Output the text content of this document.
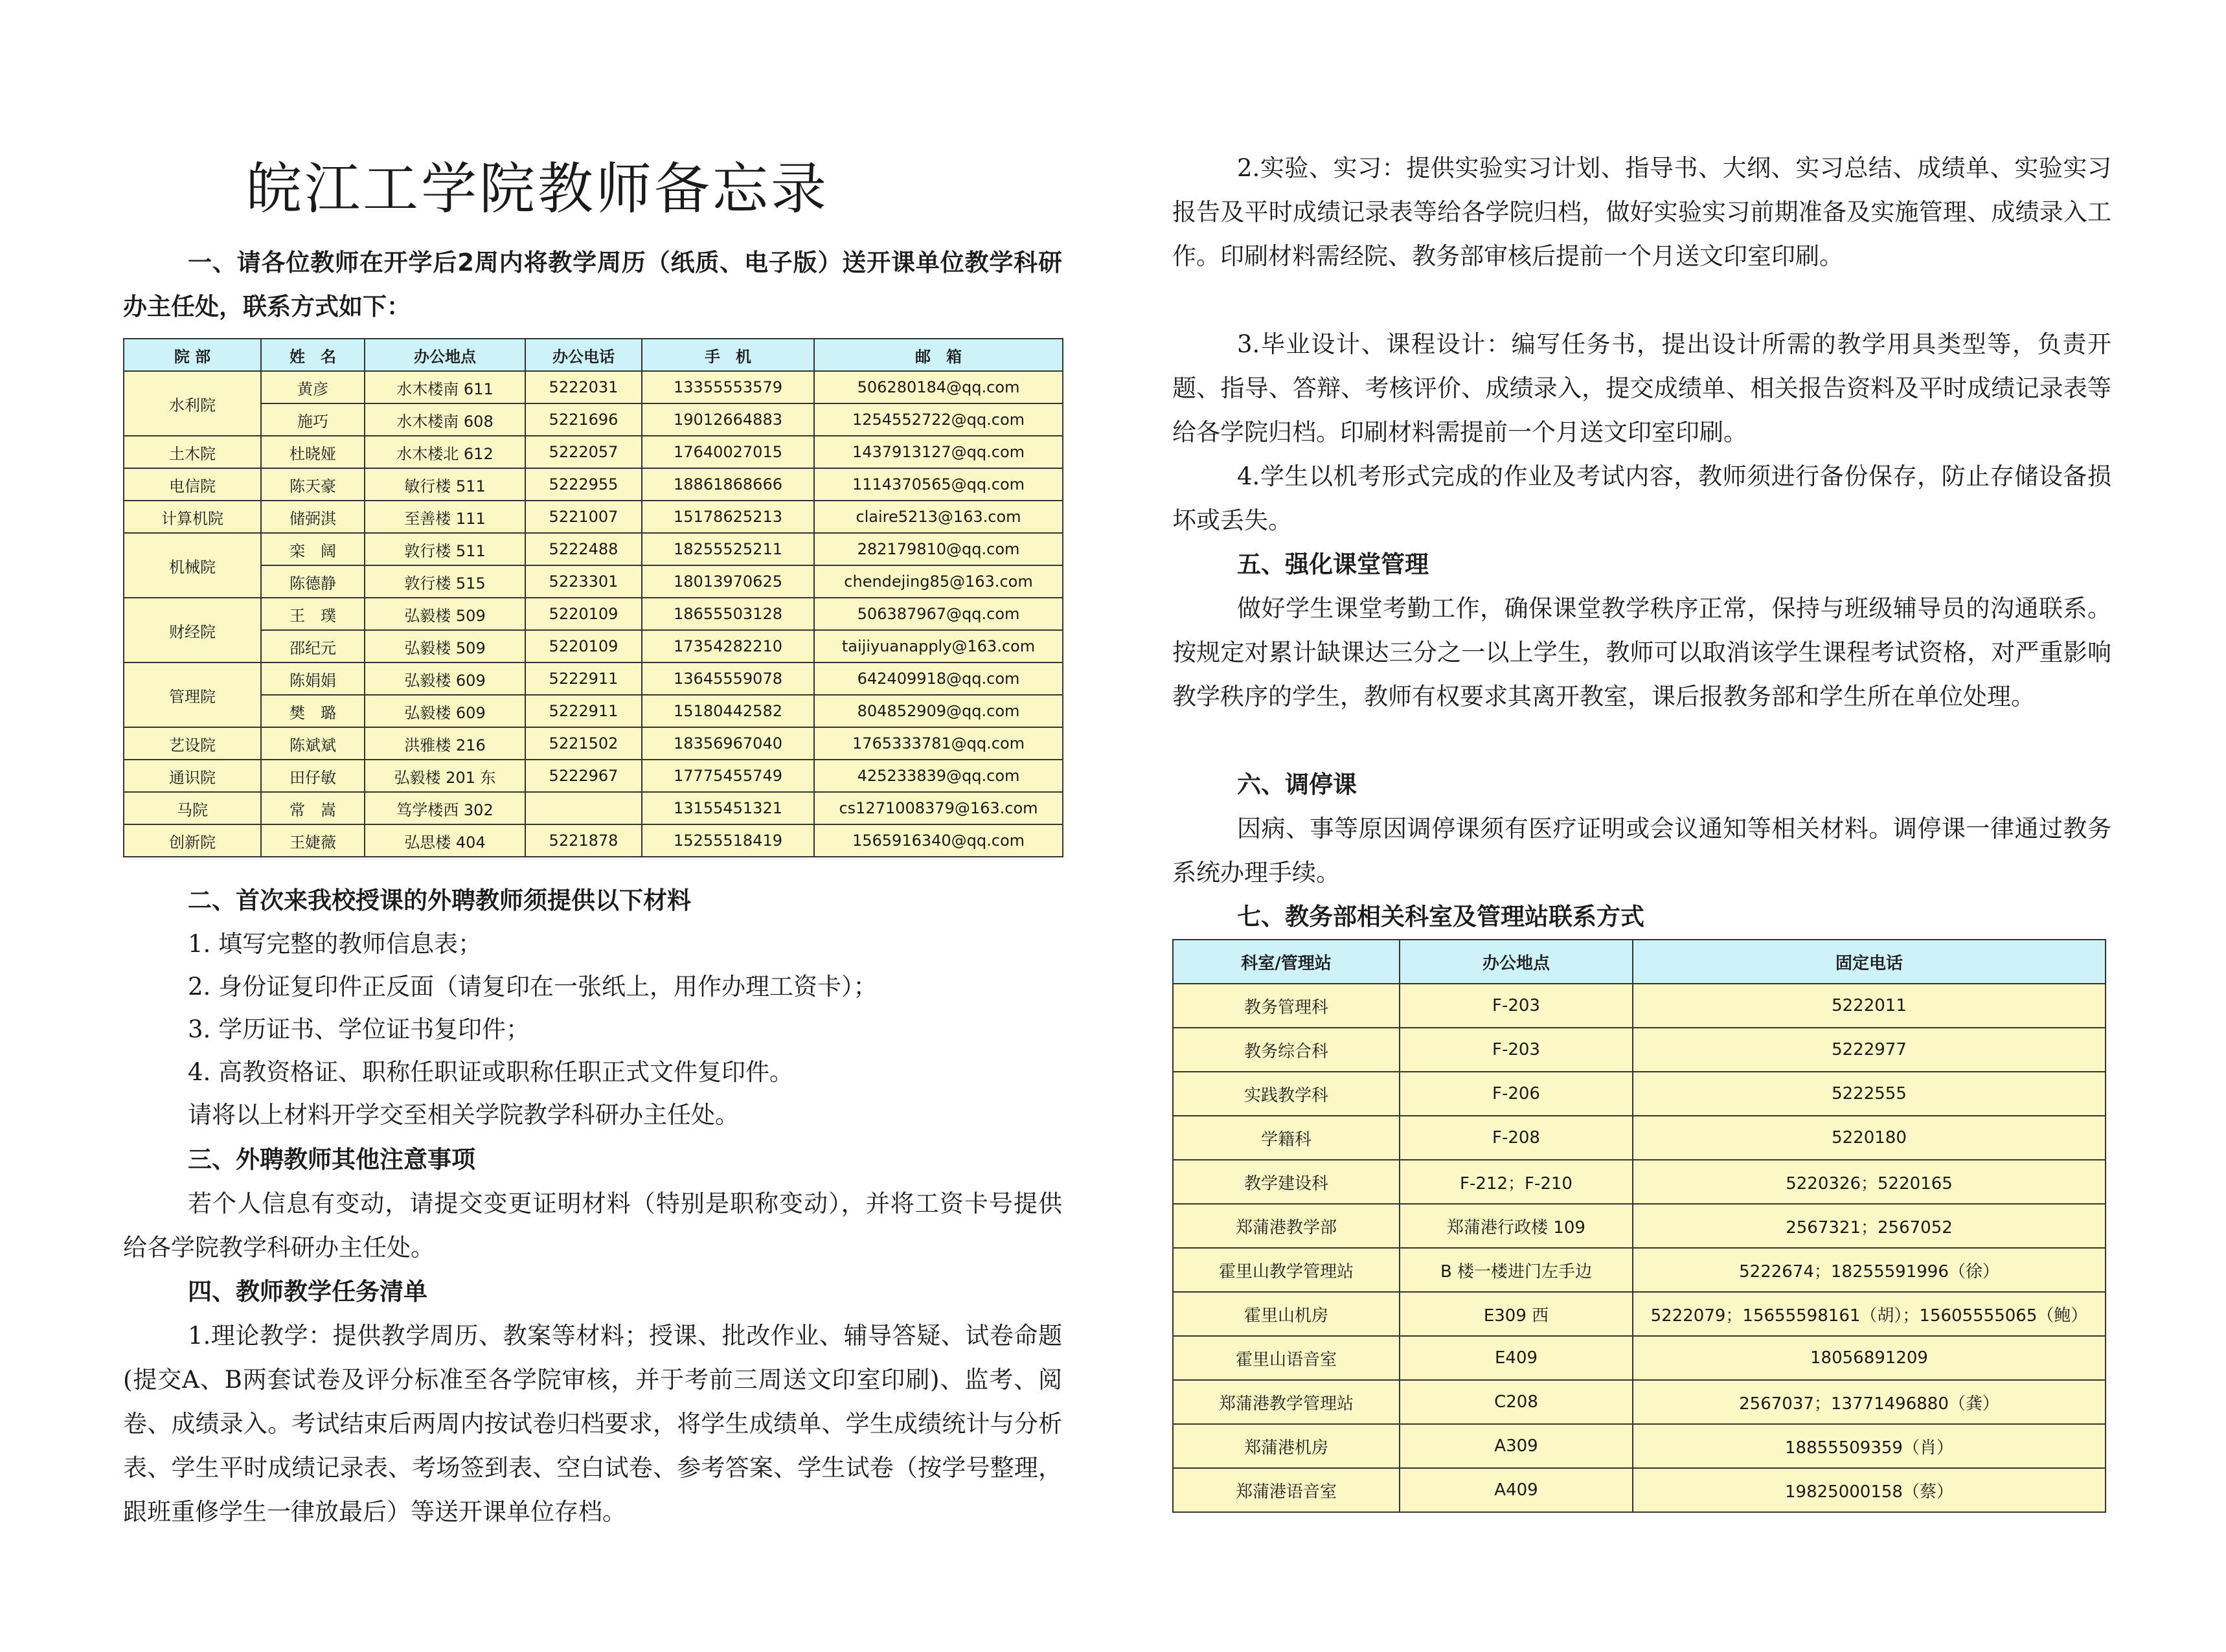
皖江工学院教师备忘录

一、请各位教师在开学后2周内将教学周历（纸质、电子版）送开课单位教学科研办主任处，联系方式如下：

院 部	姓　名	办公地点	办公电话	手　机	邮　箱
水利院	黄彦	水木楼南 611	5222031	13355553579	506280184@qq.com
	施巧	水木楼南 608	5221696	19012664883	1254552722@qq.com
土木院	杜晓娅	水木楼北 612	5222057	17640027015	1437913127@qq.com
电信院	陈天豪	敏行楼 511	5222955	18861868666	1114370565@qq.com
计算机院	储弼淇	至善楼 111	5221007	15178625213	claire5213@163.com
机械院	栾　阔	敦行楼 511	5222488	18255525211	282179810@qq.com
	陈德静	敦行楼 515	5223301	18013970625	chendejing85@163.com
财经院	王　璞	弘毅楼 509	5220109	18655503128	506387967@qq.com
	邵纪元	弘毅楼 509	5220109	17354282210	taijiyuanapply@163.com
管理院	陈娟娟	弘毅楼 609	5222911	13645559078	642409918@qq.com
	樊　璐	弘毅楼 609	5222911	15180442582	804852909@qq.com
艺设院	陈斌斌	洪雅楼 216	5221502	18356967040	1765333781@qq.com
通识院	田仔敏	弘毅楼 201 东	5222967	17775455749	425233839@qq.com
马院	常　嵩	笃学楼西 302		13155451321	cs1271008379@163.com
创新院	王婕薇	弘思楼 404	5221878	15255518419	1565916340@qq.com

二、首次来我校授课的外聘教师须提供以下材料

1. 填写完整的教师信息表；

2. 身份证复印件正反面（请复印在一张纸上，用作办理工资卡）；

3. 学历证书、学位证书复印件；

4. 高教资格证、职称任职证或职称任职正式文件复印件。

请将以上材料开学交至相关学院教学科研办主任处。

三、外聘教师其他注意事项

若个人信息有变动，请提交变更证明材料（特别是职称变动），并将工资卡号提供给各学院教学科研办主任处。

四、教师教学任务清单

1.理论教学：提供教学周历、教案等材料；授课、批改作业、辅导答疑、试卷命题(提交A、B两套试卷及评分标准至各学院审核，并于考前三周送文印室印刷)、监考、阅卷、成绩录入。考试结束后两周内按试卷归档要求，将学生成绩单、学生成绩统计与分析表、学生平时成绩记录表、考场签到表、空白试卷、参考答案、学生试卷（按学号整理，跟班重修学生一律放最后）等送开课单位存档。

2.实验、实习：提供实验实习计划、指导书、大纲、实习总结、成绩单、实验实习报告及平时成绩记录表等给各学院归档，做好实验实习前期准备及实施管理、成绩录入工作。印刷材料需经院、教务部审核后提前一个月送文印室印刷。

3.毕业设计、课程设计：编写任务书，提出设计所需的教学用具类型等，负责开题、指导、答辩、考核评价、成绩录入，提交成绩单、相关报告资料及平时成绩记录表等给各学院归档。印刷材料需提前一个月送文印室印刷。

4.学生以机考形式完成的作业及考试内容，教师须进行备份保存，防止存储设备损坏或丢失。

五、强化课堂管理

做好学生课堂考勤工作，确保课堂教学秩序正常，保持与班级辅导员的沟通联系。按规定对累计缺课达三分之一以上学生，教师可以取消该学生课程考试资格，对严重影响教学秩序的学生，教师有权要求其离开教室，课后报教务部和学生所在单位处理。

六、调停课

因病、事等原因调停课须有医疗证明或会议通知等相关材料。调停课一律通过教务系统办理手续。

七、教务部相关科室及管理站联系方式

科室/管理站	办公地点	固定电话
教务管理科	F-203	5222011
教务综合科	F-203	5222977
实践教学科	F-206	5222555
学籍科	F-208	5220180
教学建设科	F-212；F-210	5220326；5220165
郑蒲港教学部	郑蒲港行政楼 109	2567321；2567052
霍里山教学管理站	B 楼一楼进门左手边	5222674；18255591996（徐）
霍里山机房	E309 西	5222079；15655598161（胡）；15605555065（鲍）
霍里山语音室	E409	18056891209
郑蒲港教学管理站	C208	2567037；13771496880（龚）
郑蒲港机房	A309	18855509359（肖）
郑蒲港语音室	A409	19825000158（蔡）
